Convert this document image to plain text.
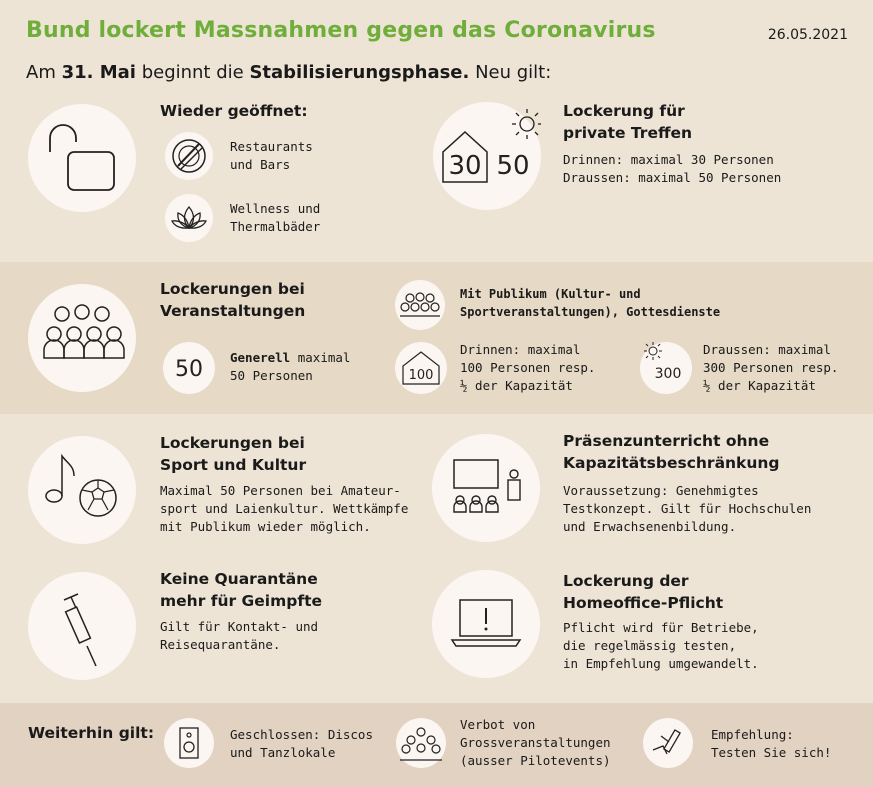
Bund lockert Massnahmen gegen das Coronavirus	26.05.2021
Am 31. Mai beginnt die Stabilisierungsphase. Neu gilt:
Wieder geöffnet:
Restaurants
und Bars
Wellness und
Thermalbäder
30 50
Lockerung für
private Treffen
Drinnen: maximal 30 Personen
Draussen: maximal 50 Personen
Lockerungen bei
Veranstaltungen
50 Generell maximal
50 Personen
Mit Publikum (Kultur- und
Sportveranstaltungen), Gottesdienste
100
Drinnen: maximal
100 Personen resp.
½ der Kapazität
300
Draussen: maximal
300 Personen resp.
½ der Kapazität
Lockerungen bei
Sport und Kultur
Maximal 50 Personen bei Amateur-
sport und Laienkultur. Wettkämpfe
mit Publikum wieder möglich.
Präsenzunterricht ohne
Kapazitätsbeschränkung
Voraussetzung: Genehmigtes
Testkonzept. Gilt für Hochschulen
und Erwachsenenbildung.
Keine Quarantäne
mehr für Geimpfte
Gilt für Kontakt- und
Reisequarantäne.
Lockerung der
Homeoffice-Pflicht
Pflicht wird für Betriebe,
die regelmässig testen,
in Empfehlung umgewandelt.
Weiterhin gilt:	Geschlossen: Discos
und Tanzlokale
Verbot von
Grossveranstaltungen
(ausser Pilotevents)
Empfehlung:
Testen Sie sich!
